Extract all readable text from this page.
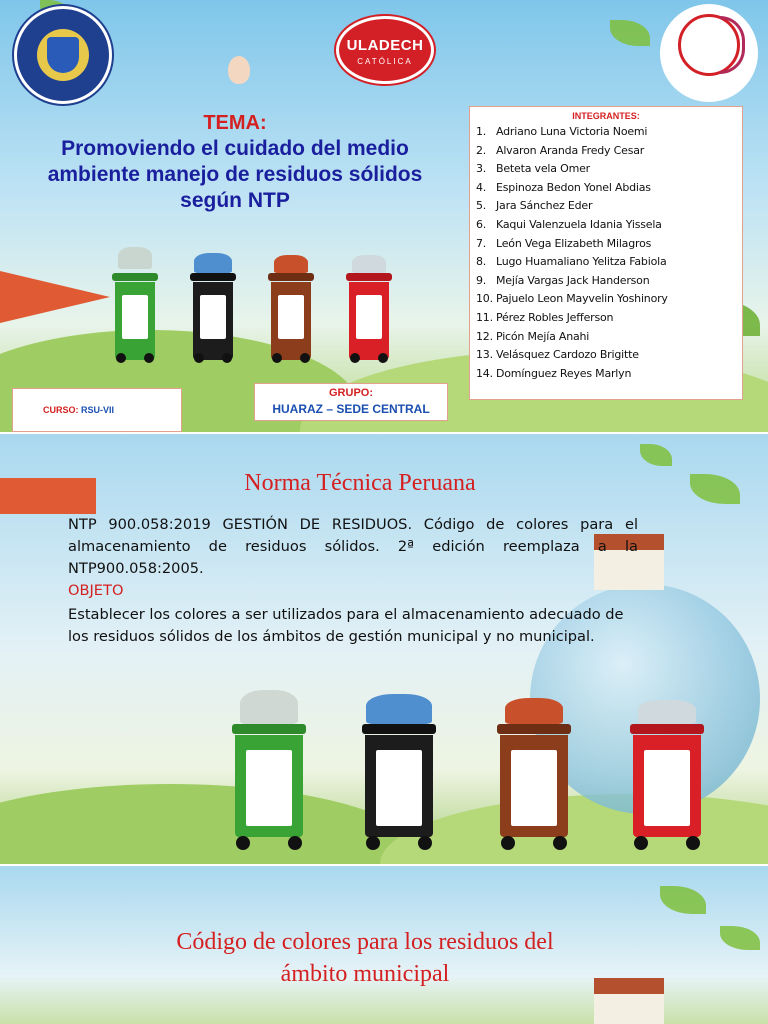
ULADECH
CATÓLICA
TEMA:
Promoviendo el cuidado del medio ambiente manejo de residuos sólidos según NTP
INTEGRANTES:
1. Adriano Luna Victoria Noemi
2. Alvaron Aranda Fredy Cesar
3. Beteta vela Omer
4. Espinoza Bedon Yonel Abdias
5. Jara Sánchez Eder
6. Kaqui Valenzuela Idania Yissela
7. León Vega Elizabeth Milagros
8. Lugo Huamaliano Yelitza Fabiola
9. Mejía Vargas Jack Handerson
10. Pajuelo Leon Mayvelin Yoshinory
11. Pérez Robles Jefferson
12. Picón Mejía Anahi
13. Velásquez Cardozo Brigitte
14. Domínguez Reyes Marlyn
CURSO: RSU-VII
GRUPO:
HUARAZ – SEDE CENTRAL
Norma Técnica Peruana
NTP 900.058:2019 GESTIÓN DE RESIDUOS. Código de colores para el almacenamiento de residuos sólidos. 2ª edición reemplaza a la NTP900.058:2005.
OBJETO
Establecer los colores a ser utilizados para el almacenamiento adecuado de los residuos sólidos de los ámbitos de gestión municipal y no municipal.
Código de colores para los residuos del ámbito municipal
